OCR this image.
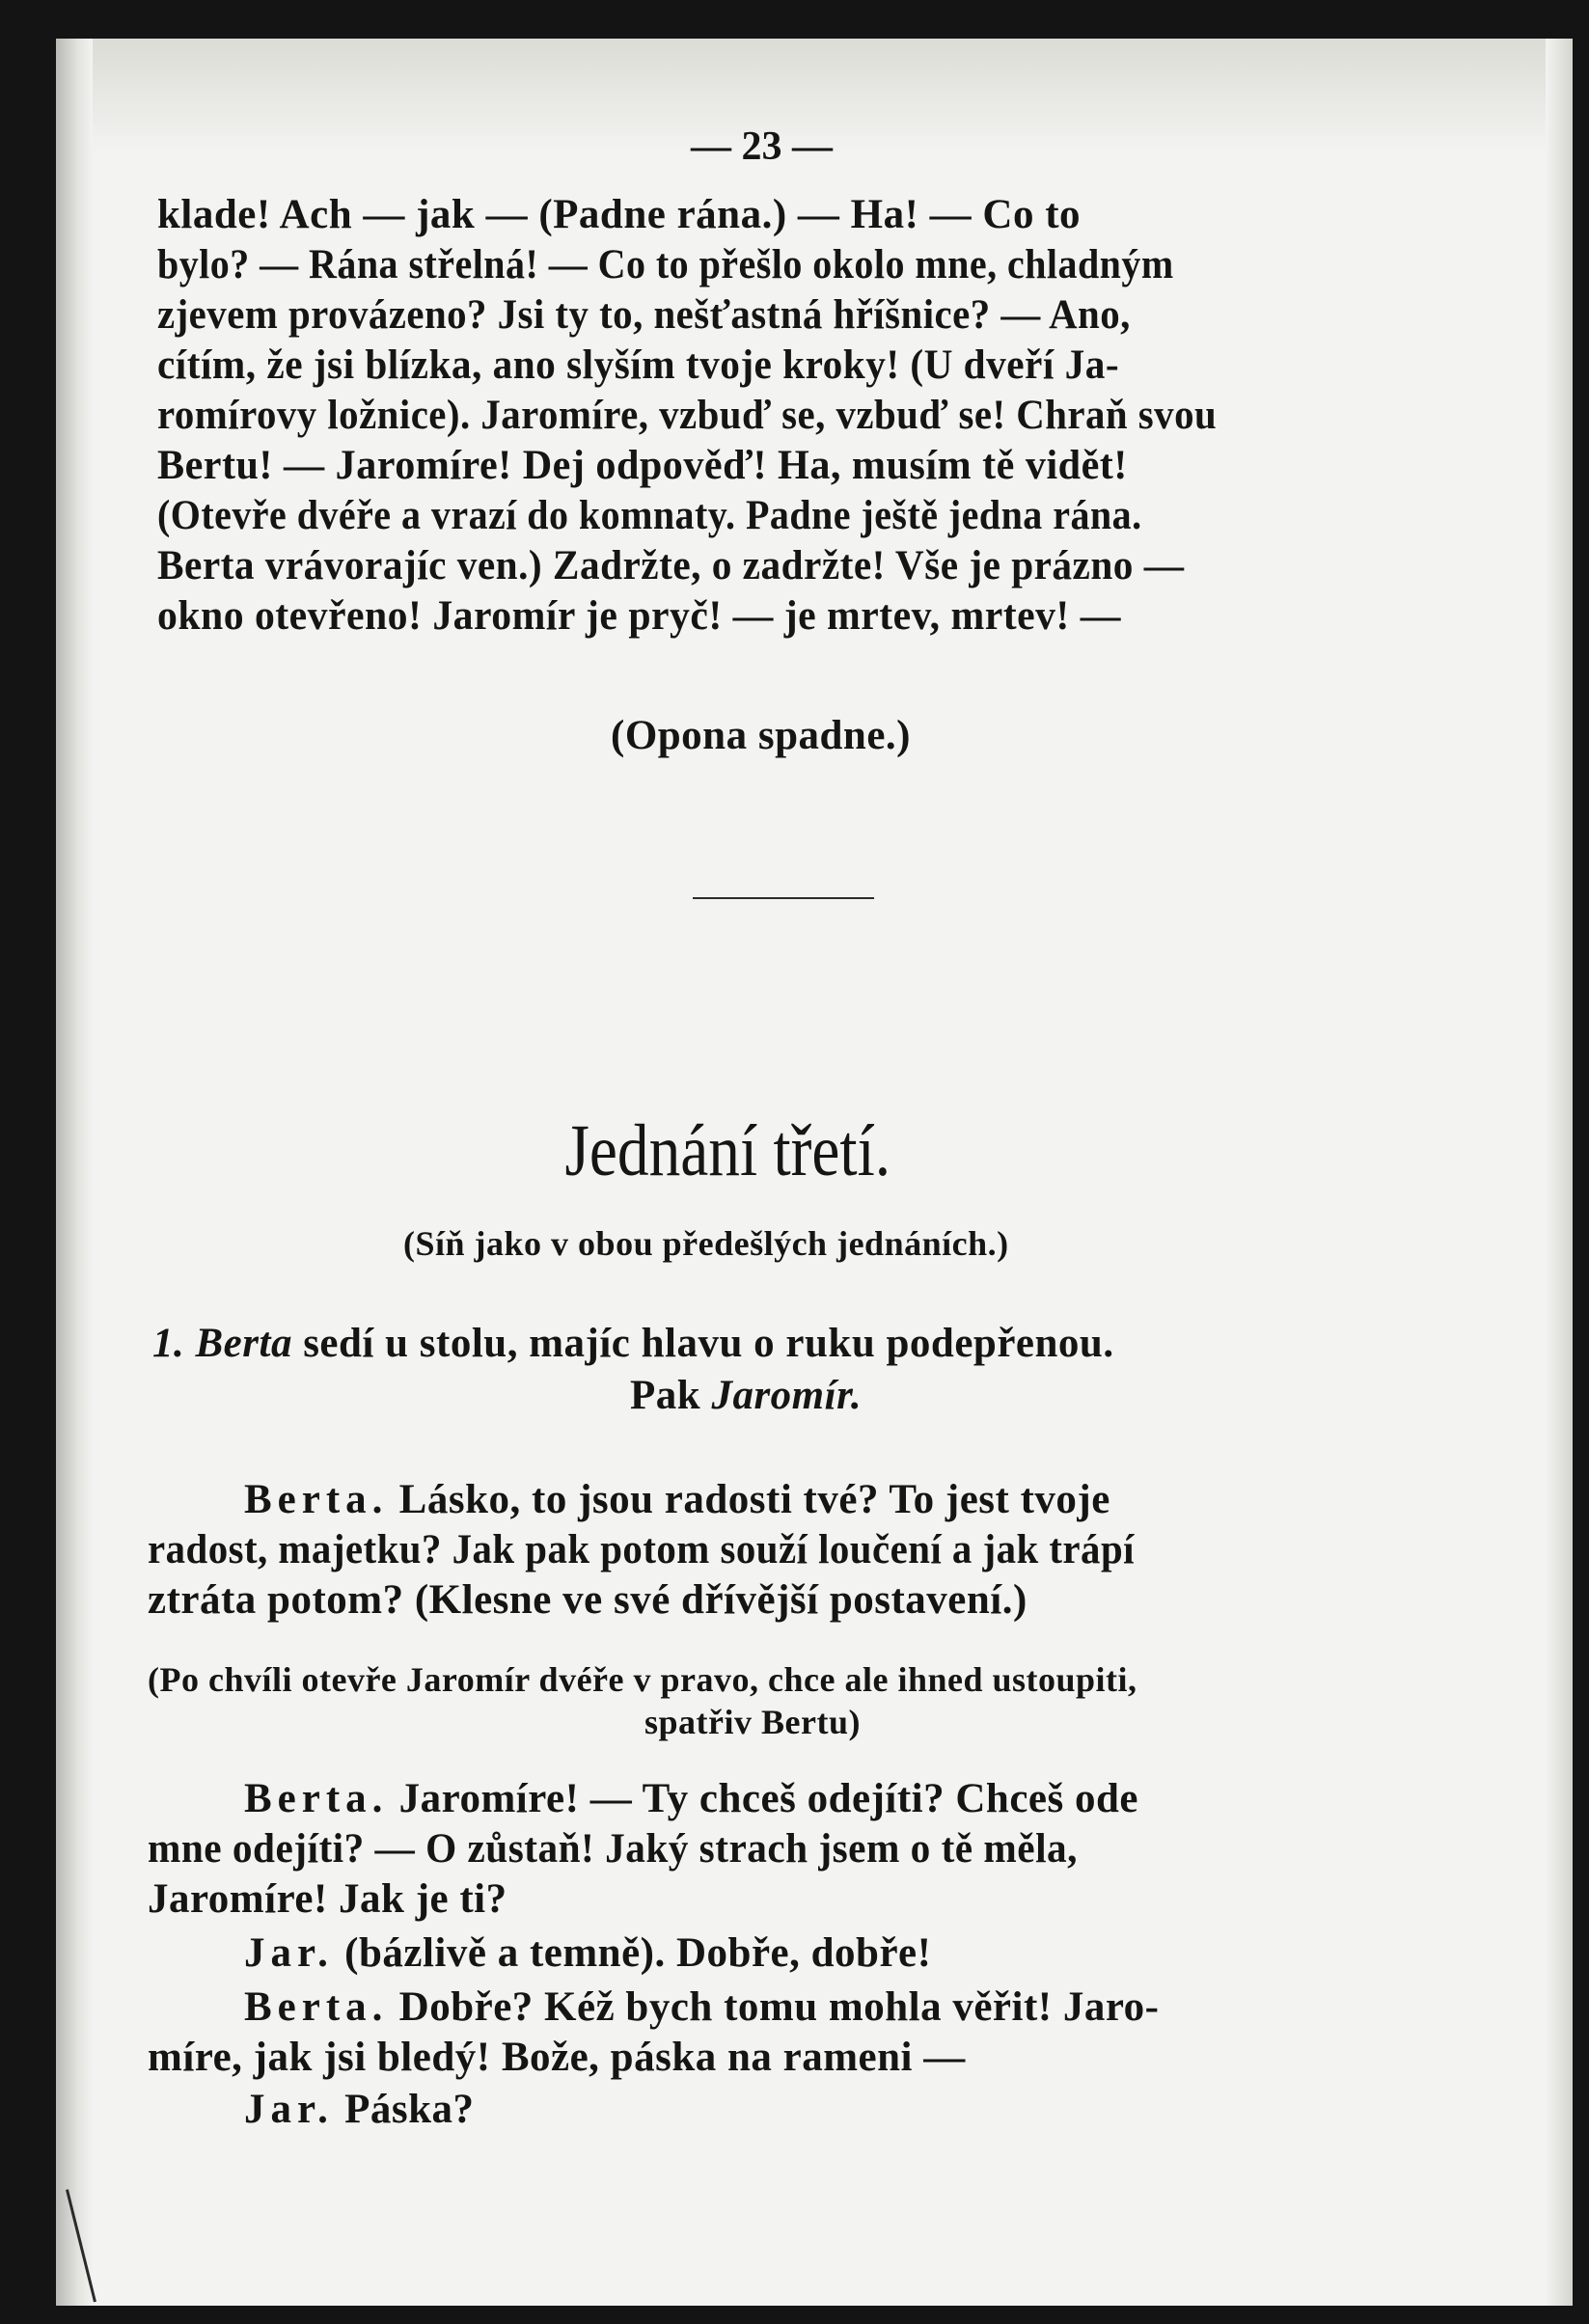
— 23 —
klade! Ach — jak — (Padne rána.) — Ha! — Co to
bylo? — Rána střelná! — Co to přešlo okolo mne, chladným
zjevem provázeno? Jsi ty to, nešťastná hříšnice? — Ano,
cítím, že jsi blízka, ano slyším tvoje kroky! (U dveří Ja-
romírovy ložnice). Jaromíre, vzbuď se, vzbuď se! Chraň svou
Bertu! — Jaromíre! Dej odpověď! Ha, musím tě vidět!
(Otevře dvéře a vrazí do komnaty. Padne ještě jedna rána.
Berta vrávorajíc ven.) Zadržte, o zadržte! Vše je prázno —
okno otevřeno! Jaromír je pryč! — je mrtev, mrtev! —
(Opona spadne.)
Jednání třetí.
(Síň jako v obou předešlých jednáních.)
1. Berta sedí u stolu, majíc hlavu o ruku podepřenou.
Pak Jaromír.
Berta. Lásko, to jsou radosti tvé? To jest tvoje
radost, majetku? Jak pak potom souží loučení a jak trápí
ztráta potom? (Klesne ve své dřívější postavení.)
(Po chvíli otevře Jaromír dvéře v pravo, chce ale ihned ustoupiti,
spatřiv Bertu)
Berta. Jaromíre! — Ty chceš odejíti? Chceš ode
mne odejíti? — O zůstaň! Jaký strach jsem o tě měla,
Jaromíre! Jak je ti?
Jar. (bázlivě a temně). Dobře, dobře!
Berta. Dobře? Kéž bych tomu mohla věřit! Jaro-
míre, jak jsi bledý! Bože, páska na rameni —
Jar. Páska?
